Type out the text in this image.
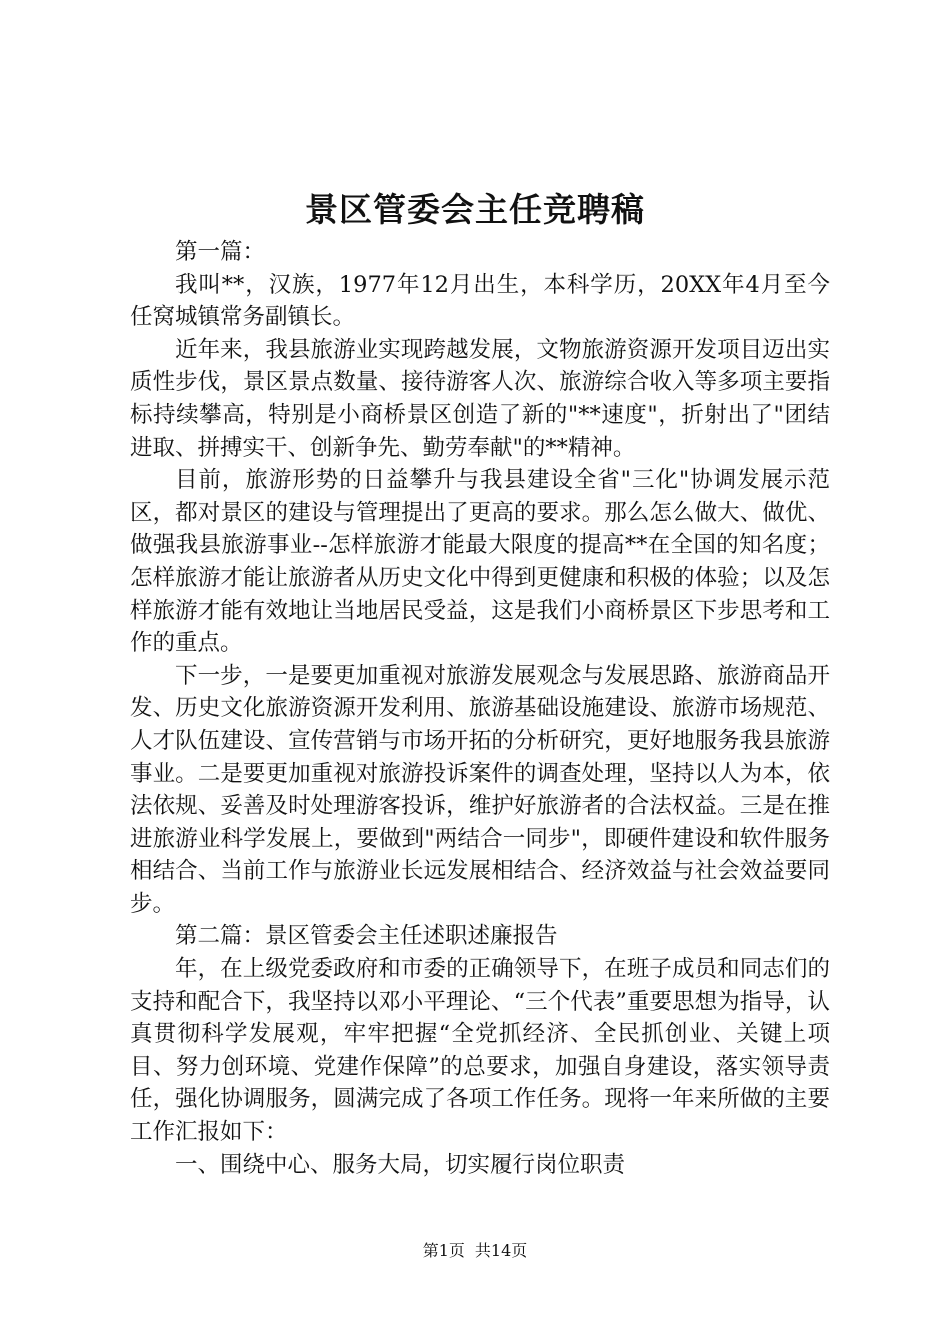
景区管委会主任竞聘稿

第一篇：

我叫**，汉族，1977年12月出生，本科学历，20XX年4月至今任窝城镇常务副镇长。

近年来，我县旅游业实现跨越发展，文物旅游资源开发项目迈出实质性步伐，景区景点数量、接待游客人次、旅游综合收入等多项主要指标持续攀高，特别是小商桥景区创造了新的"**速度"，折射出了"团结进取、拼搏实干、创新争先、勤劳奉献"的**精神。

目前，旅游形势的日益攀升与我县建设全省"三化"协调发展示范区，都对景区的建设与管理提出了更高的要求。那么怎么做大、做优、做强我县旅游事业--怎样旅游才能最大限度的提高**在全国的知名度；怎样旅游才能让旅游者从历史文化中得到更健康和积极的体验；以及怎样旅游才能有效地让当地居民受益，这是我们小商桥景区下步思考和工作的重点。

下一步，一是要更加重视对旅游发展观念与发展思路、旅游商品开发、历史文化旅游资源开发利用、旅游基础设施建设、旅游市场规范、人才队伍建设、宣传营销与市场开拓的分析研究，更好地服务我县旅游事业。二是要更加重视对旅游投诉案件的调查处理，坚持以人为本，依法依规、妥善及时处理游客投诉，维护好旅游者的合法权益。三是在推进旅游业科学发展上，要做到"两结合一同步"，即硬件建设和软件服务相结合、当前工作与旅游业长远发展相结合、经济效益与社会效益要同步。

第二篇：景区管委会主任述职述廉报告

年，在上级党委政府和市委的正确领导下，在班子成员和同志们的支持和配合下，我坚持以邓小平理论、“三个代表”重要思想为指导，认真贯彻科学发展观，牢牢把握“全党抓经济、全民抓创业、关键上项目、努力创环境、党建作保障”的总要求，加强自身建设，落实领导责任，强化协调服务，圆满完成了各项工作任务。现将一年来所做的主要工作汇报如下：

一、围绕中心、服务大局，切实履行岗位职责

第1页 共14页
